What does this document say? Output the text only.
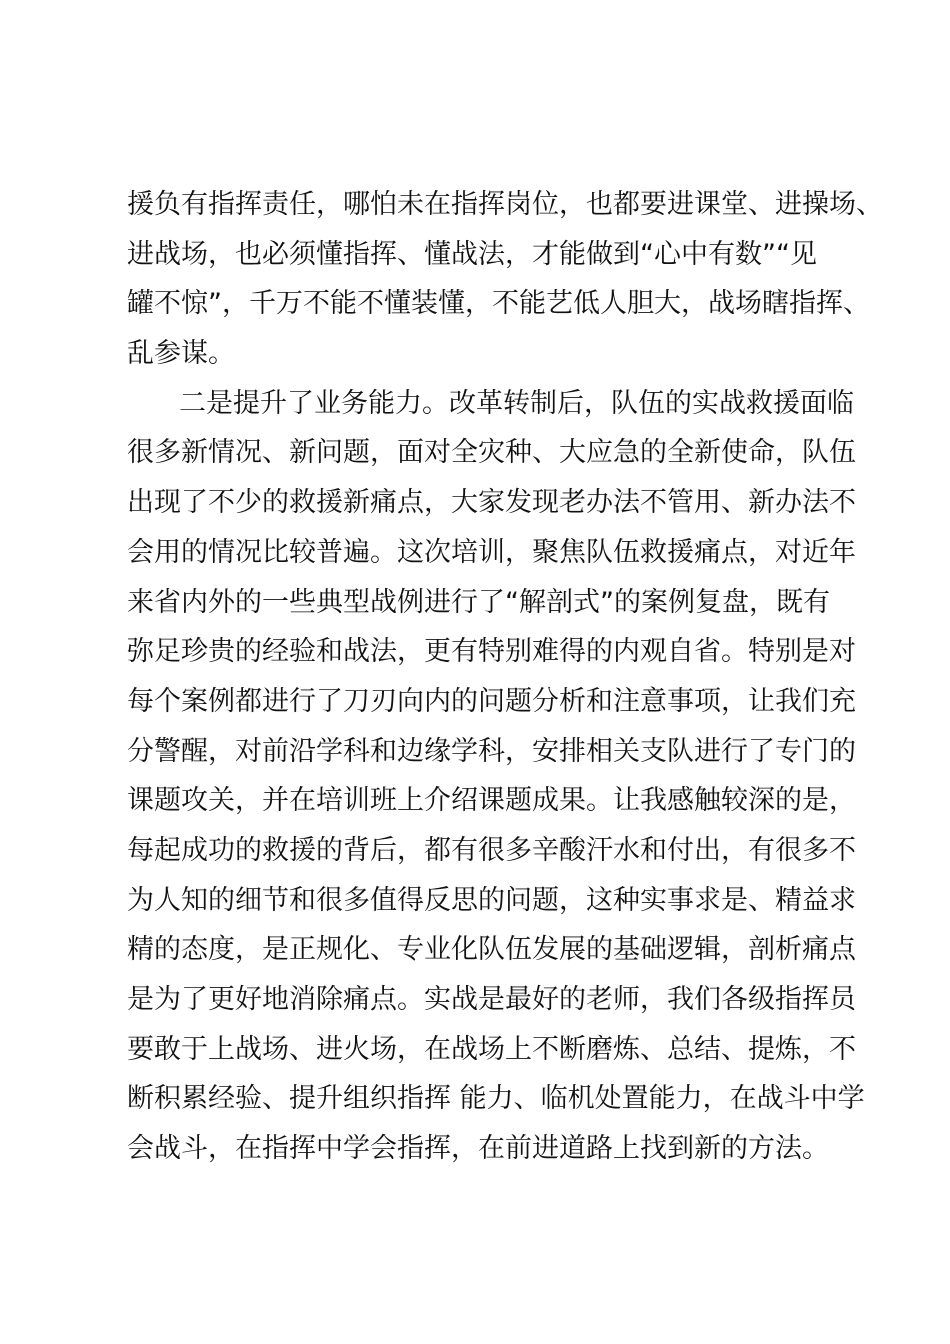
援负有指挥责任，哪怕未在指挥岗位，也都要进课堂、进操场、
进战场，也必须懂指挥、懂战法，才能做到“心中有数”“见
罐不惊”，千万不能不懂装懂，不能艺低人胆大，战场瞎指挥、
乱参谋。
二是提升了业务能力。改革转制后，队伍的实战救援面临
很多新情况、新问题，面对全灾种、大应急的全新使命，队伍
出现了不少的救援新痛点，大家发现老办法不管用、新办法不
会用的情况比较普遍。这次培训，聚焦队伍救援痛点，对近年
来省内外的一些典型战例进行了“解剖式”的案例复盘，既有
弥足珍贵的经验和战法，更有特别难得的内观自省。特别是对
每个案例都进行了刀刃向内的问题分析和注意事项，让我们充
分警醒，对前沿学科和边缘学科，安排相关支队进行了专门的
课题攻关，并在培训班上介绍课题成果。让我感触较深的是，
每起成功的救援的背后，都有很多辛酸汗水和付出，有很多不
为人知的细节和很多值得反思的问题，这种实事求是、精益求
精的态度，是正规化、专业化队伍发展的基础逻辑，剖析痛点
是为了更好地消除痛点。实战是最好的老师，我们各级指挥员
要敢于上战场、进火场，在战场上不断磨炼、总结、提炼，不
断积累经验、提升组织指挥 能力、临机处置能力，在战斗中学
会战斗，在指挥中学会指挥，在前进道路上找到新的方法。
